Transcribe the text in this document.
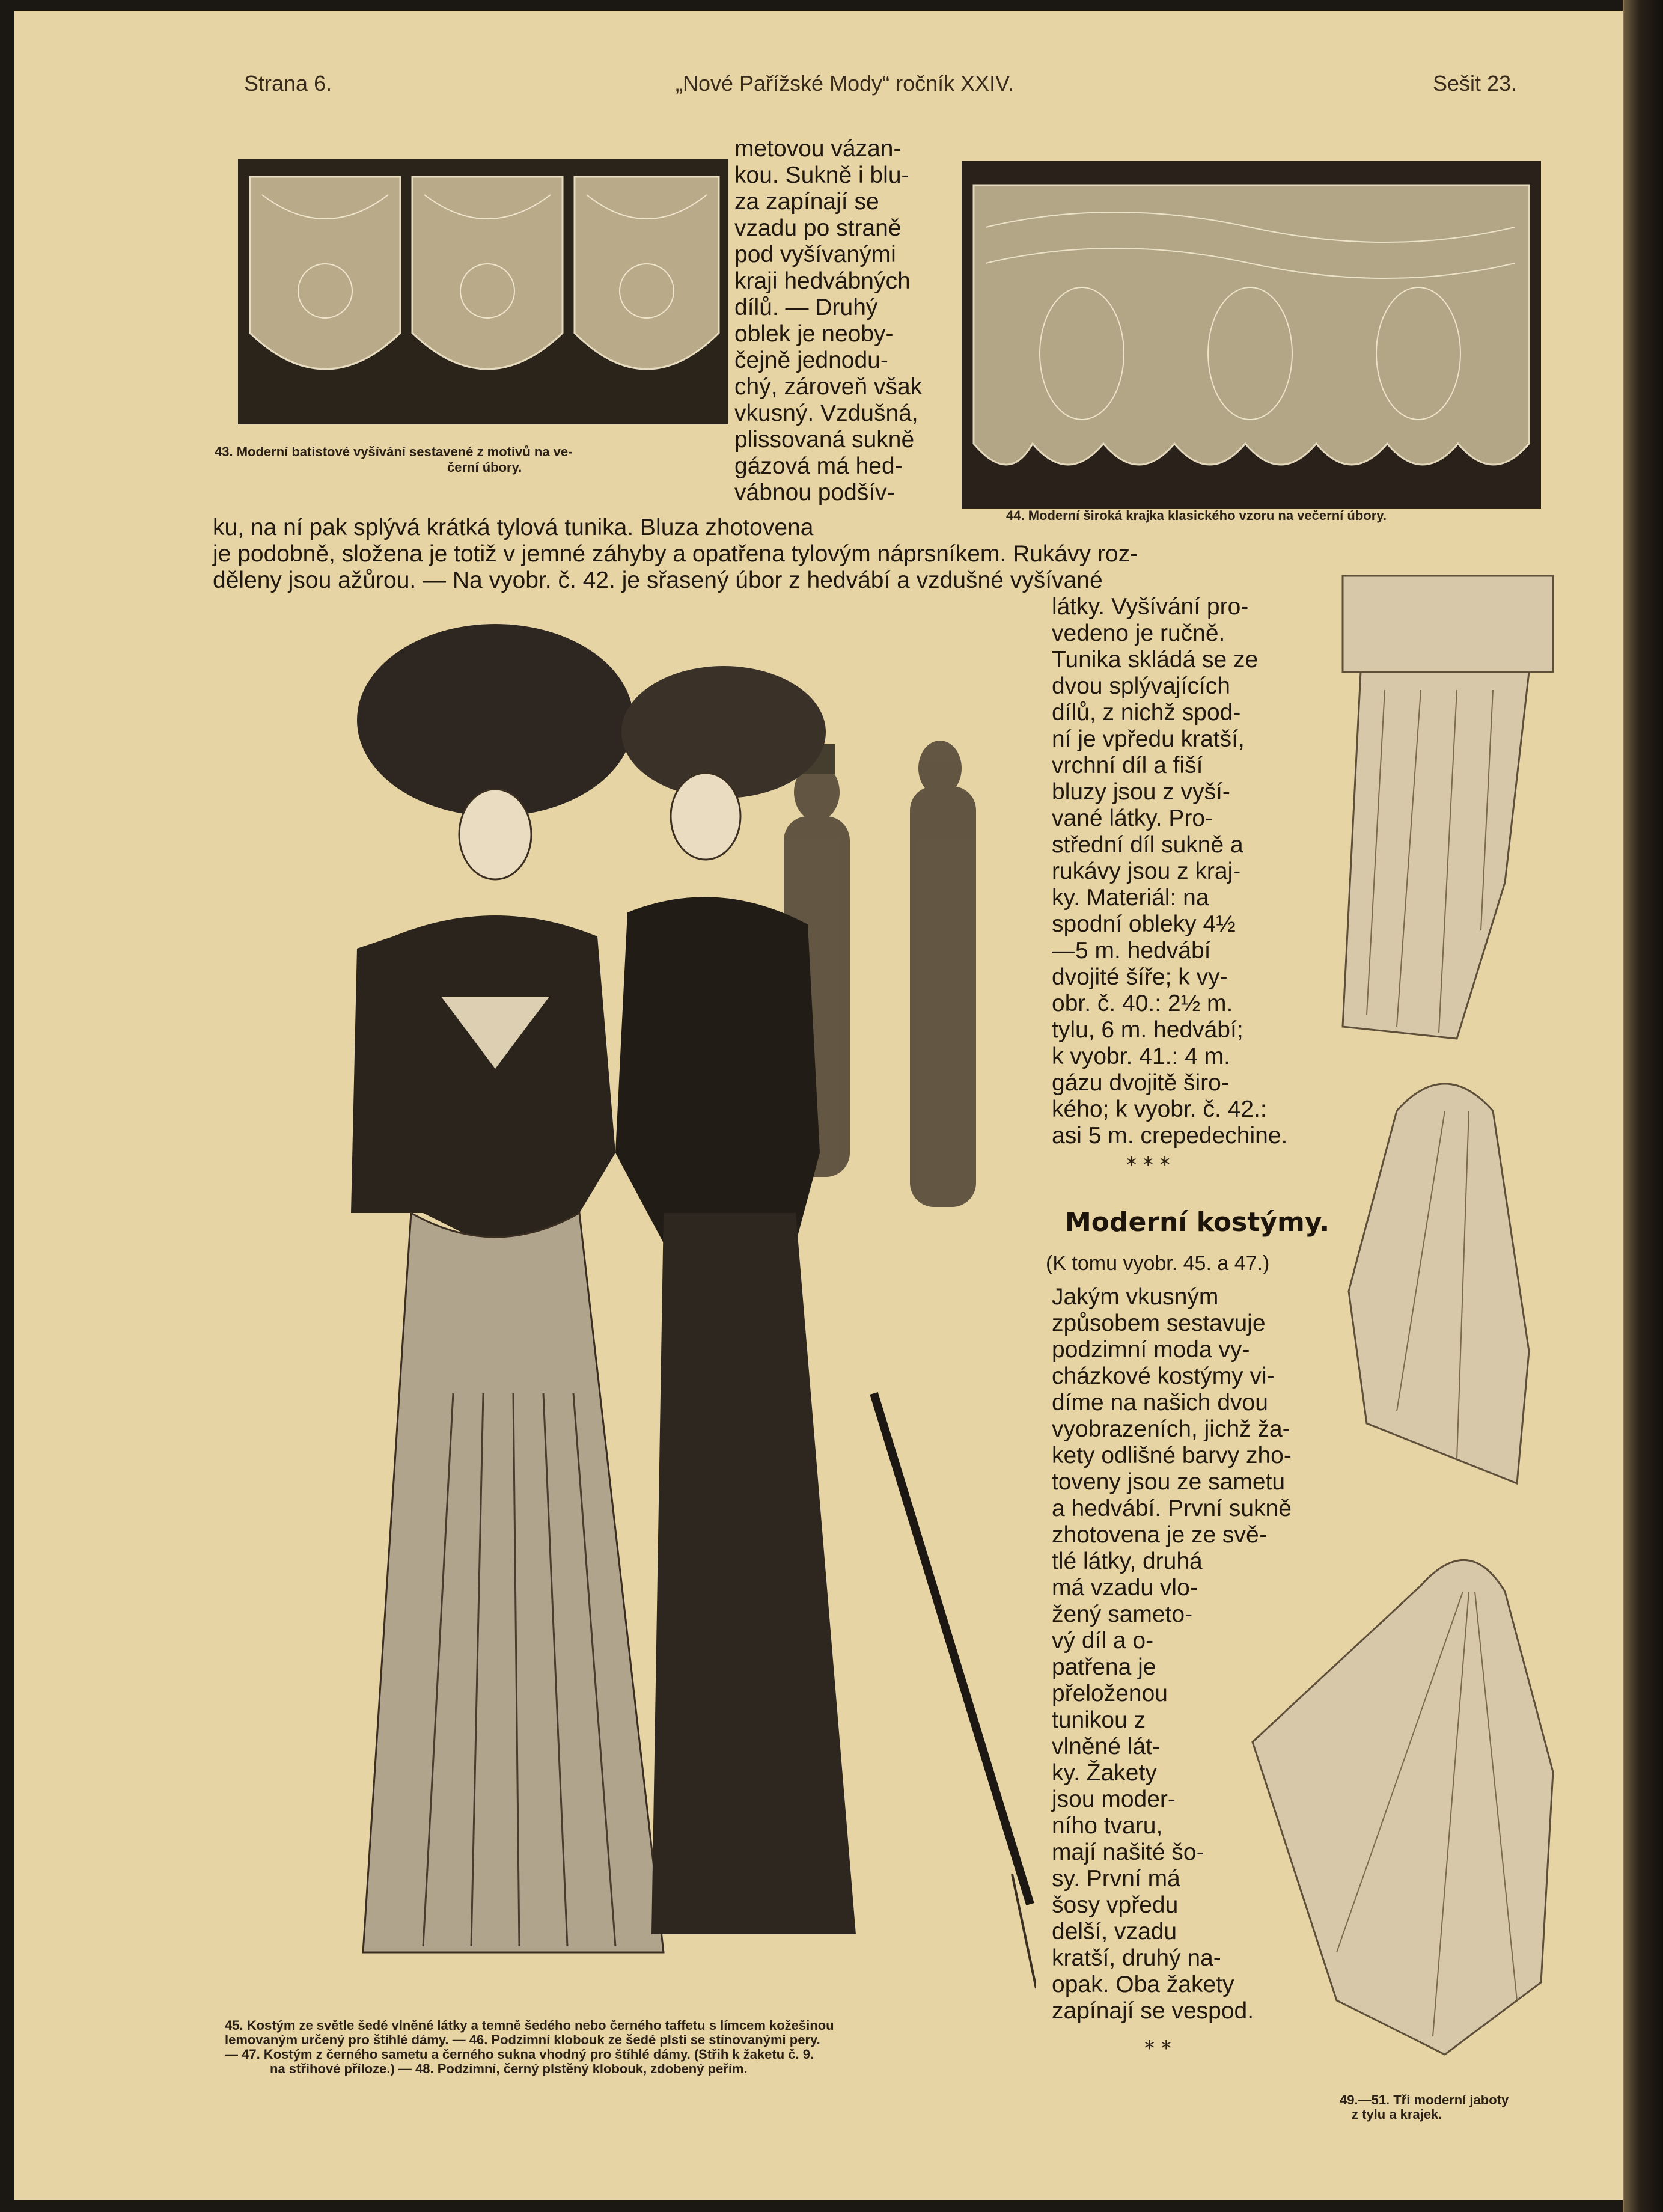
Strana 6.	„Nové Pařížské Mody“ ročník XXIV.	Sešit 23.
43. Moderní batistové vyšívání sestavené z motivů na ve-
černí úbory.
44. Moderní široká krajka klasického vzoru na večerní úbory.
metovou vázan-
kou. Sukně i blu-
za zapínají se
vzadu po straně
pod vyšívanými
kraji hedvábných
dílů. — Druhý
oblek je neoby-
čejně jednodu-
chý, zároveň však
vkusný. Vzdušná,
plissovaná sukně
gázová má hed-
vábnou podšív-
ku, na ní pak splývá krátká tylová tunika. Bluza zhotovena
je podobně, složena je totiž v jemné záhyby a opatřena tylovým náprsníkem. Rukávy roz-
děleny jsou ažůrou. — Na vyobr. č. 42. je sřasený úbor z hedvábí a vzdušné vyšívané
látky. Vyšívání pro-
vedeno je ručně.
Tunika skládá se ze
dvou splývajících
dílů, z nichž spod-
ní je vpředu kratší,
vrchní díl a fiší
bluzy jsou z vyší-
vané látky. Pro-
střední díl sukně a
rukávy jsou z kraj-
ky. Materiál: na
spodní obleky 4½
—5 m. hedvábí
dvojité šíře; k vy-
obr. č. 40.: 2½ m.
tylu, 6 m. hedvábí;
k vyobr. 41.: 4 m.
gázu dvojitě širo-
kého; k vyobr. č. 42.:
asi 5 m. crepedechine.
* * *
Moderní kostýmy.
(K tomu vyobr. 45. a 47.)
Jakým vkusným
způsobem sestavuje
podzimní moda vy-
cházkové kostýmy vi-
díme na našich dvou
vyobrazeních, jichž ža-
kety odlišné barvy zho-
toveny jsou ze sametu
a hedvábí. První sukně
zhotovena je ze svě-
tlé látky, druhá
má vzadu vlo-
žený sameto-
vý díl a o-
patřena je
přeloženou
tunikou z
vlněné lát-
ky. Žakety
jsou moder-
ního tvaru,
mají našité šo-
sy. První má
šosy vpředu
delší, vzadu
kratší, druhý na-
opak. Oba žakety
zapínají se vespod.
* *
45. Kostým ze světle šedé vlněné látky a temně šedého nebo černého taffetu s límcem kožešinou
lemovaným určený pro štíhlé dámy. — 46. Podzimní klobouk ze šedé plsti se stínovanými pery.
— 47. Kostým z černého sametu a černého sukna vhodný pro štíhlé dámy. (Střih k žaketu č. 9.
na střihové příloze.) — 48. Podzimní, černý plstěný klobouk, zdobený peřím.
49.—51. Tři moderní jaboty
z tylu a krajek.
